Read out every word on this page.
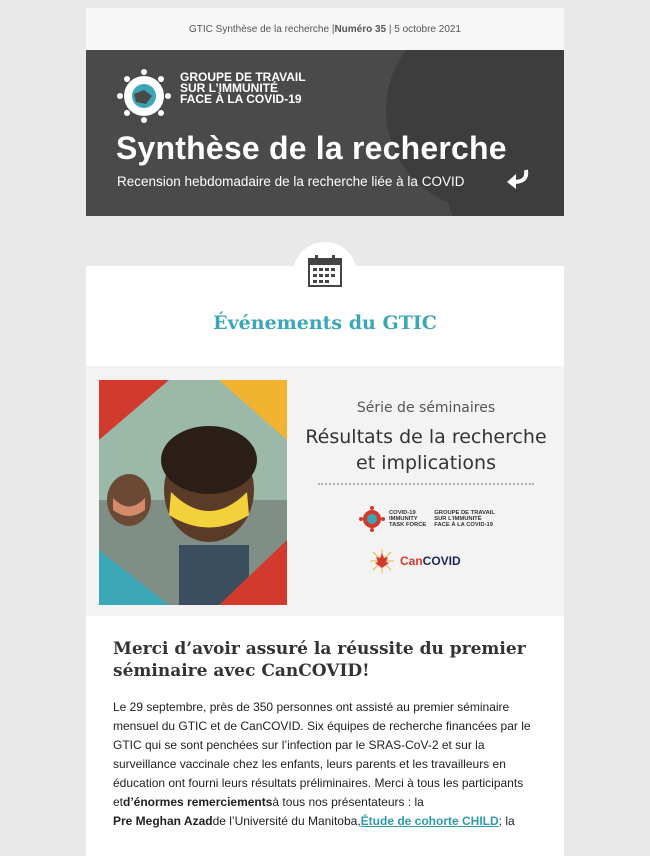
GTIC Synthèse de la recherche |Numéro 35 | 5 octobre 2021
GROUPE DE TRAVAIL
SUR L’IMMUNITÉ
FACE À LA COVID-19
Synthèse de la recherche
Recension hebdomadaire de la recherche liée à la COVID
Événements du GTIC
Série de séminaires
Résultats de la recherche
et implications
COVID-19
IMMUNITY
TASK FORCE
GROUPE DE TRAVAIL
SUR L’IMMUNITÉ
FACE À LA COVID-19
Can COVID
Merci d’avoir assuré la réussite du premier
séminaire avec CanCOVID!

Le 29 septembre, près de 350 personnes ont assisté au premier séminaire mensuel du GTIC et de CanCOVID. Six équipes de recherche financées par le GTIC qui se sont penchées sur l’infection par le SRAS-CoV-2 et sur la surveillance vaccinale chez les enfants, leurs parents et les travailleurs en éducation ont fourni leurs résultats préliminaires. Merci à tous les participants etd’énormes remerciementsà tous nos présentateurs : la
Pre Meghan Azadde l’Université du Manitoba,Étude de cohorte CHILD; la
